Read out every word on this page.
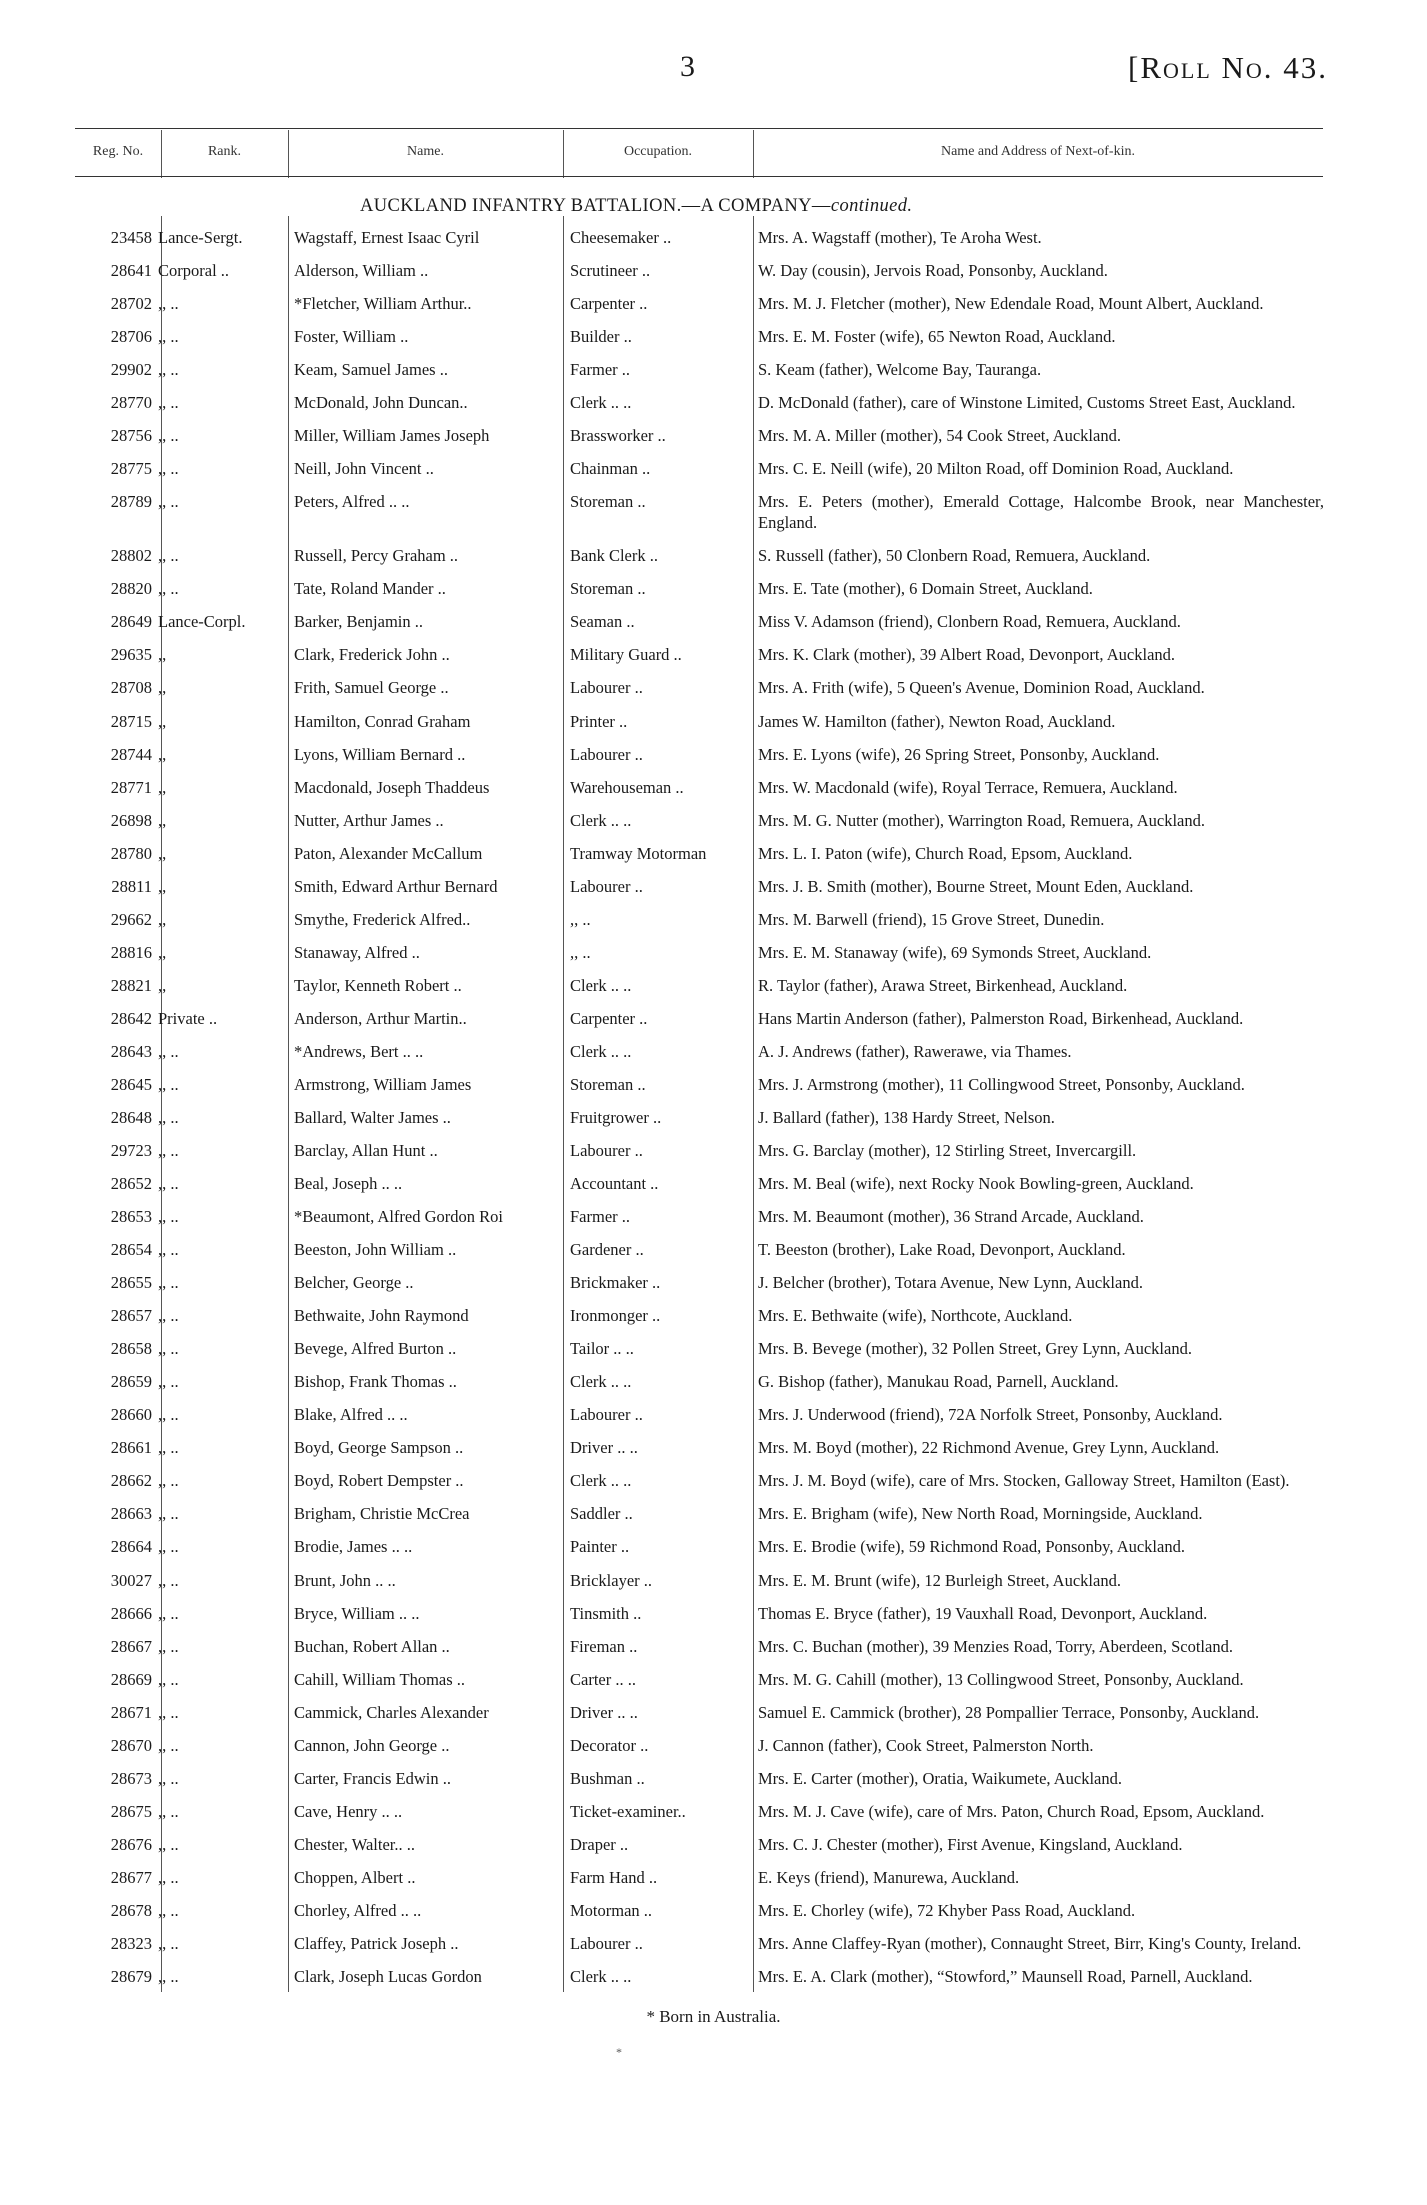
3	[Roll No. 43.
Reg. No.	Rank.	Name.	Occupation.	Name and Address of Next-of-kin.
AUCKLAND INFANTRY BATTALION.—A COMPANY—continued.
23458 Lance-Sergt.	Wagstaff, Ernest Isaac Cyril	Cheesemaker ..	Mrs. A. Wagstaff (mother), Te Aroha West.
28641 Corporal ..	Alderson, William ..	Scrutineer ..	W. Day (cousin), Jervois Road, Ponsonby, Auckland.
28702 ,, ..	*Fletcher, William Arthur..	Carpenter ..	Mrs. M. J. Fletcher (mother), New Edendale Road, Mount Albert, Auckland.
28706 ,, ..	Foster, William ..	Builder ..	Mrs. E. M. Foster (wife), 65 Newton Road, Auckland.
29902 ,, ..	Keam, Samuel James ..	Farmer ..	S. Keam (father), Welcome Bay, Tauranga.
28770 ,, ..	McDonald, John Duncan..	Clerk .. ..	D. McDonald (father), care of Winstone Limited, Customs Street East, Auckland.
28756 ,, ..	Miller, William James Joseph	Brassworker ..	Mrs. M. A. Miller (mother), 54 Cook Street, Auckland.
28775 ,, ..	Neill, John Vincent ..	Chainman ..	Mrs. C. E. Neill (wife), 20 Milton Road, off Dominion Road, Auckland.
28789 ,, ..	Peters, Alfred .. ..	Storeman ..	Mrs. E. Peters (mother), Emerald Cottage, Halcombe Brook, near Manchester, England.
28802 ,, ..	Russell, Percy Graham ..	Bank Clerk ..	S. Russell (father), 50 Clonbern Road, Remuera, Auckland.
28820 ,, ..	Tate, Roland Mander ..	Storeman ..	Mrs. E. Tate (mother), 6 Domain Street, Auckland.
28649 Lance-Corpl.	Barker, Benjamin ..	Seaman ..	Miss V. Adamson (friend), Clonbern Road, Remuera, Auckland.
29635 ,,	Clark, Frederick John ..	Military Guard ..	Mrs. K. Clark (mother), 39 Albert Road, Devonport, Auckland.
28708 ,,	Frith, Samuel George ..	Labourer ..	Mrs. A. Frith (wife), 5 Queen's Avenue, Dominion Road, Auckland.
28715 ,,	Hamilton, Conrad Graham	Printer ..	James W. Hamilton (father), Newton Road, Auckland.
28744 ,,	Lyons, William Bernard ..	Labourer ..	Mrs. E. Lyons (wife), 26 Spring Street, Ponsonby, Auckland.
28771 ,,	Macdonald, Joseph Thaddeus	Warehouseman ..	Mrs. W. Macdonald (wife), Royal Terrace, Remuera, Auckland.
26898 ,,	Nutter, Arthur James ..	Clerk .. ..	Mrs. M. G. Nutter (mother), Warrington Road, Remuera, Auckland.
28780 ,,	Paton, Alexander McCallum	Tramway Motorman	Mrs. L. I. Paton (wife), Church Road, Epsom, Auckland.
28811 ,,	Smith, Edward Arthur Bernard	Labourer ..	Mrs. J. B. Smith (mother), Bourne Street, Mount Eden, Auckland.
29662 ,,	Smythe, Frederick Alfred..	,, ..	Mrs. M. Barwell (friend), 15 Grove Street, Dunedin.
28816 ,,	Stanaway, Alfred ..	,, ..	Mrs. E. M. Stanaway (wife), 69 Symonds Street, Auckland.
28821 ,,	Taylor, Kenneth Robert ..	Clerk .. ..	R. Taylor (father), Arawa Street, Birkenhead, Auckland.
28642 Private ..	Anderson, Arthur Martin..	Carpenter ..	Hans Martin Anderson (father), Palmerston Road, Birkenhead, Auckland.
28643 ,, ..	*Andrews, Bert .. ..	Clerk .. ..	A. J. Andrews (father), Rawerawe, via Thames.
28645 ,, ..	Armstrong, William James	Storeman ..	Mrs. J. Armstrong (mother), 11 Collingwood Street, Ponsonby, Auckland.
28648 ,, ..	Ballard, Walter James ..	Fruitgrower ..	J. Ballard (father), 138 Hardy Street, Nelson.
29723 ,, ..	Barclay, Allan Hunt ..	Labourer ..	Mrs. G. Barclay (mother), 12 Stirling Street, Invercargill.
28652 ,, ..	Beal, Joseph .. ..	Accountant ..	Mrs. M. Beal (wife), next Rocky Nook Bowling-green, Auckland.
28653 ,, ..	*Beaumont, Alfred Gordon Roi	Farmer ..	Mrs. M. Beaumont (mother), 36 Strand Arcade, Auckland.
28654 ,, ..	Beeston, John William ..	Gardener ..	T. Beeston (brother), Lake Road, Devonport, Auckland.
28655 ,, ..	Belcher, George ..	Brickmaker ..	J. Belcher (brother), Totara Avenue, New Lynn, Auckland.
28657 ,, ..	Bethwaite, John Raymond	Ironmonger ..	Mrs. E. Bethwaite (wife), Northcote, Auckland.
28658 ,, ..	Bevege, Alfred Burton ..	Tailor .. ..	Mrs. B. Bevege (mother), 32 Pollen Street, Grey Lynn, Auckland.
28659 ,, ..	Bishop, Frank Thomas ..	Clerk .. ..	G. Bishop (father), Manukau Road, Parnell, Auckland.
28660 ,, ..	Blake, Alfred .. ..	Labourer ..	Mrs. J. Underwood (friend), 72A Norfolk Street, Ponsonby, Auckland.
28661 ,, ..	Boyd, George Sampson ..	Driver .. ..	Mrs. M. Boyd (mother), 22 Richmond Avenue, Grey Lynn, Auckland.
28662 ,, ..	Boyd, Robert Dempster ..	Clerk .. ..	Mrs. J. M. Boyd (wife), care of Mrs. Stocken, Galloway Street, Hamilton (East).
28663 ,, ..	Brigham, Christie McCrea	Saddler ..	Mrs. E. Brigham (wife), New North Road, Morningside, Auckland.
28664 ,, ..	Brodie, James .. ..	Painter ..	Mrs. E. Brodie (wife), 59 Richmond Road, Ponsonby, Auckland.
30027 ,, ..	Brunt, John .. ..	Bricklayer ..	Mrs. E. M. Brunt (wife), 12 Burleigh Street, Auckland.
28666 ,, ..	Bryce, William .. ..	Tinsmith ..	Thomas E. Bryce (father), 19 Vauxhall Road, Devonport, Auckland.
28667 ,, ..	Buchan, Robert Allan ..	Fireman ..	Mrs. C. Buchan (mother), 39 Menzies Road, Torry, Aberdeen, Scotland.
28669 ,, ..	Cahill, William Thomas ..	Carter .. ..	Mrs. M. G. Cahill (mother), 13 Collingwood Street, Ponsonby, Auckland.
28671 ,, ..	Cammick, Charles Alexander	Driver .. ..	Samuel E. Cammick (brother), 28 Pompallier Terrace, Ponsonby, Auckland.
28670 ,, ..	Cannon, John George ..	Decorator ..	J. Cannon (father), Cook Street, Palmerston North.
28673 ,, ..	Carter, Francis Edwin ..	Bushman ..	Mrs. E. Carter (mother), Oratia, Waikumete, Auckland.
28675 ,, ..	Cave, Henry .. ..	Ticket-examiner..	Mrs. M. J. Cave (wife), care of Mrs. Paton, Church Road, Epsom, Auckland.
28676 ,, ..	Chester, Walter.. ..	Draper ..	Mrs. C. J. Chester (mother), First Avenue, Kingsland, Auckland.
28677 ,, ..	Choppen, Albert ..	Farm Hand ..	E. Keys (friend), Manurewa, Auckland.
28678 ,, ..	Chorley, Alfred .. ..	Motorman ..	Mrs. E. Chorley (wife), 72 Khyber Pass Road, Auckland.
28323 ,, ..	Claffey, Patrick Joseph ..	Labourer ..	Mrs. Anne Claffey-Ryan (mother), Connaught Street, Birr, King's County, Ireland.
28679 ,, ..	Clark, Joseph Lucas Gordon	Clerk .. ..	Mrs. E. A. Clark (mother), “Stowford,” Maunsell Road, Parnell, Auckland.
* Born in Australia.
*
